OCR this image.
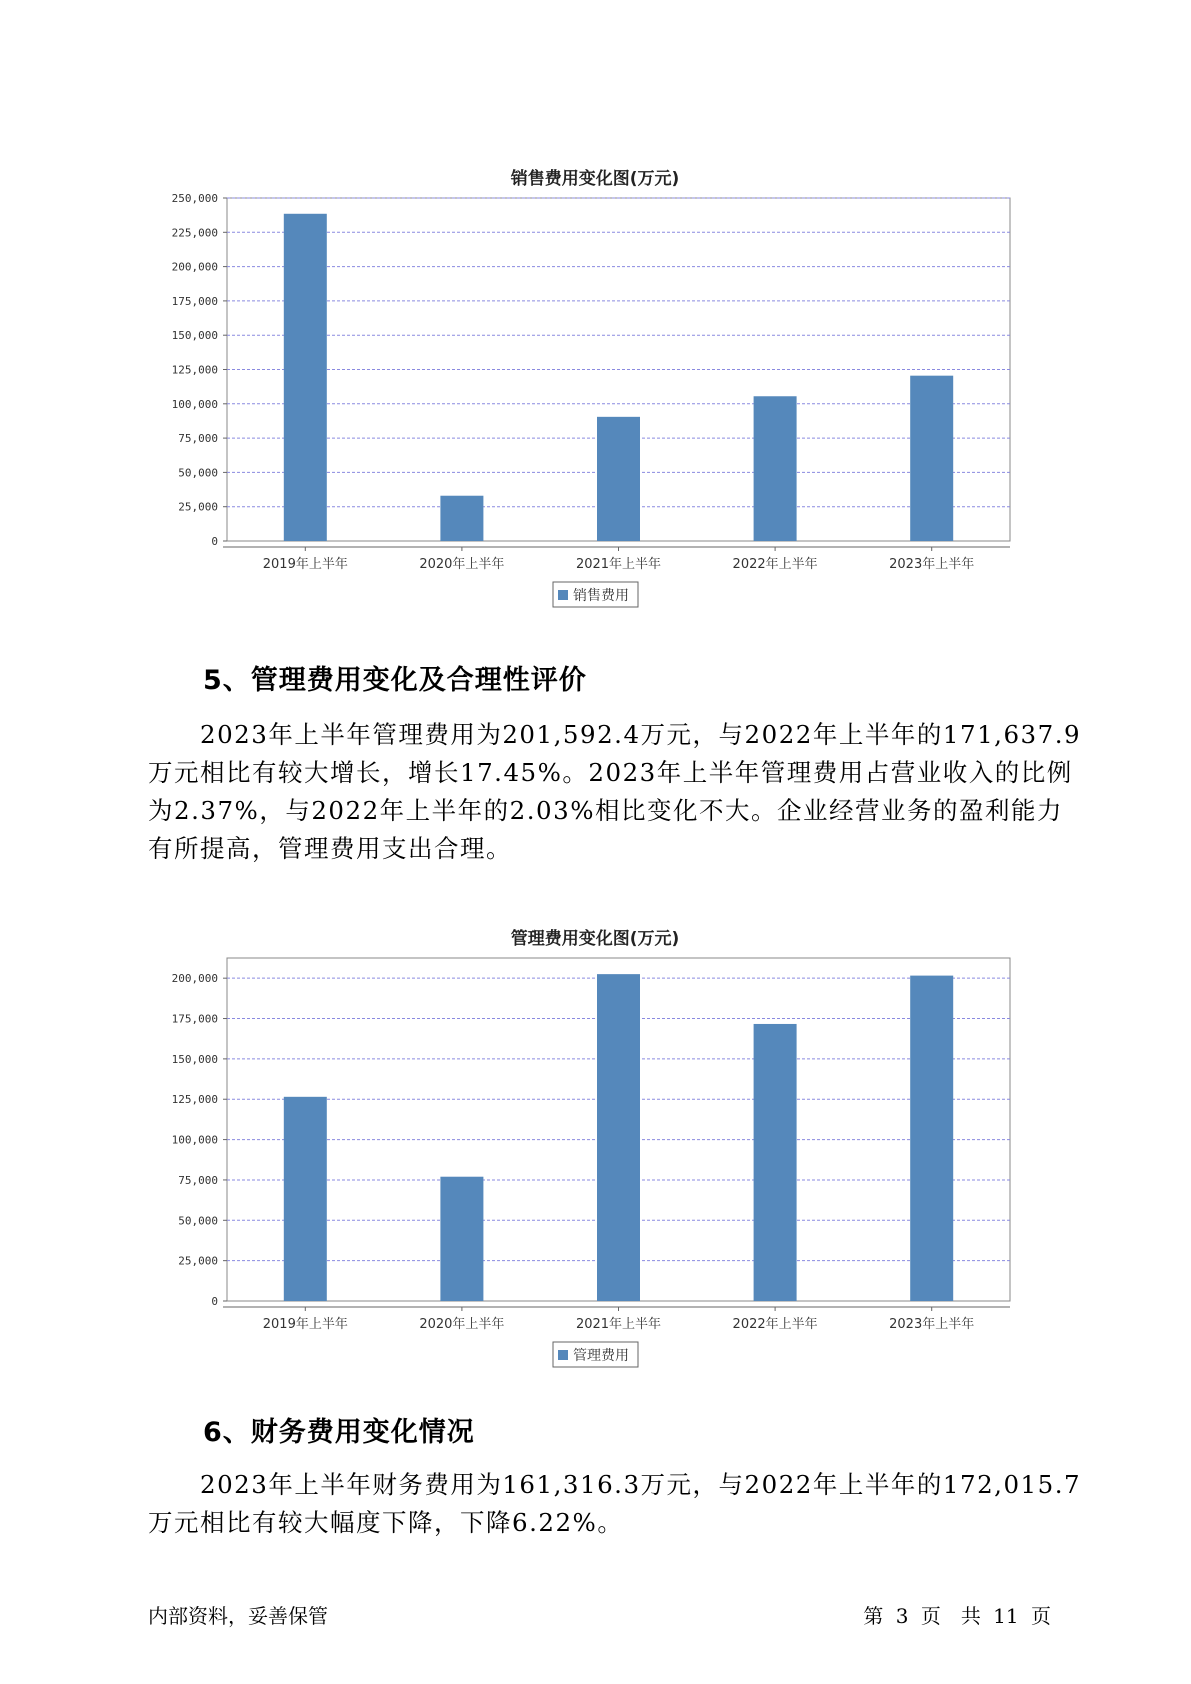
销售费用变化图(万元)
0
25,000
50,000
75,000
100,000
125,000
150,000
175,000
200,000
225,000
250,000
2019年上半年	2020年上半年	2021年上半年	2022年上半年	2023年上半年
销售费用
5、管理费用变化及合理性评价

2023年上半年管理费用为201,592.4万元，与2022年上半年的171,637.9万元相比有较大增长，增长17.45%。2023年上半年管理费用占营业收入的比例为2.37%，与2022年上半年的2.03%相比变化不大。企业经营业务的盈利能力有所提高，管理费用支出合理。

管理费用变化图(万元)
0
25,000
50,000
75,000
100,000
125,000
150,000
175,000
200,000
2019年上半年	2020年上半年	2021年上半年	2022年上半年	2023年上半年
管理费用
6、财务费用变化情况

2023年上半年财务费用为161,316.3万元，与2022年上半年的172,015.7万元相比有较大幅度下降，下降6.22%。

内部资料，妥善保管	第 3 页　共 11 页
